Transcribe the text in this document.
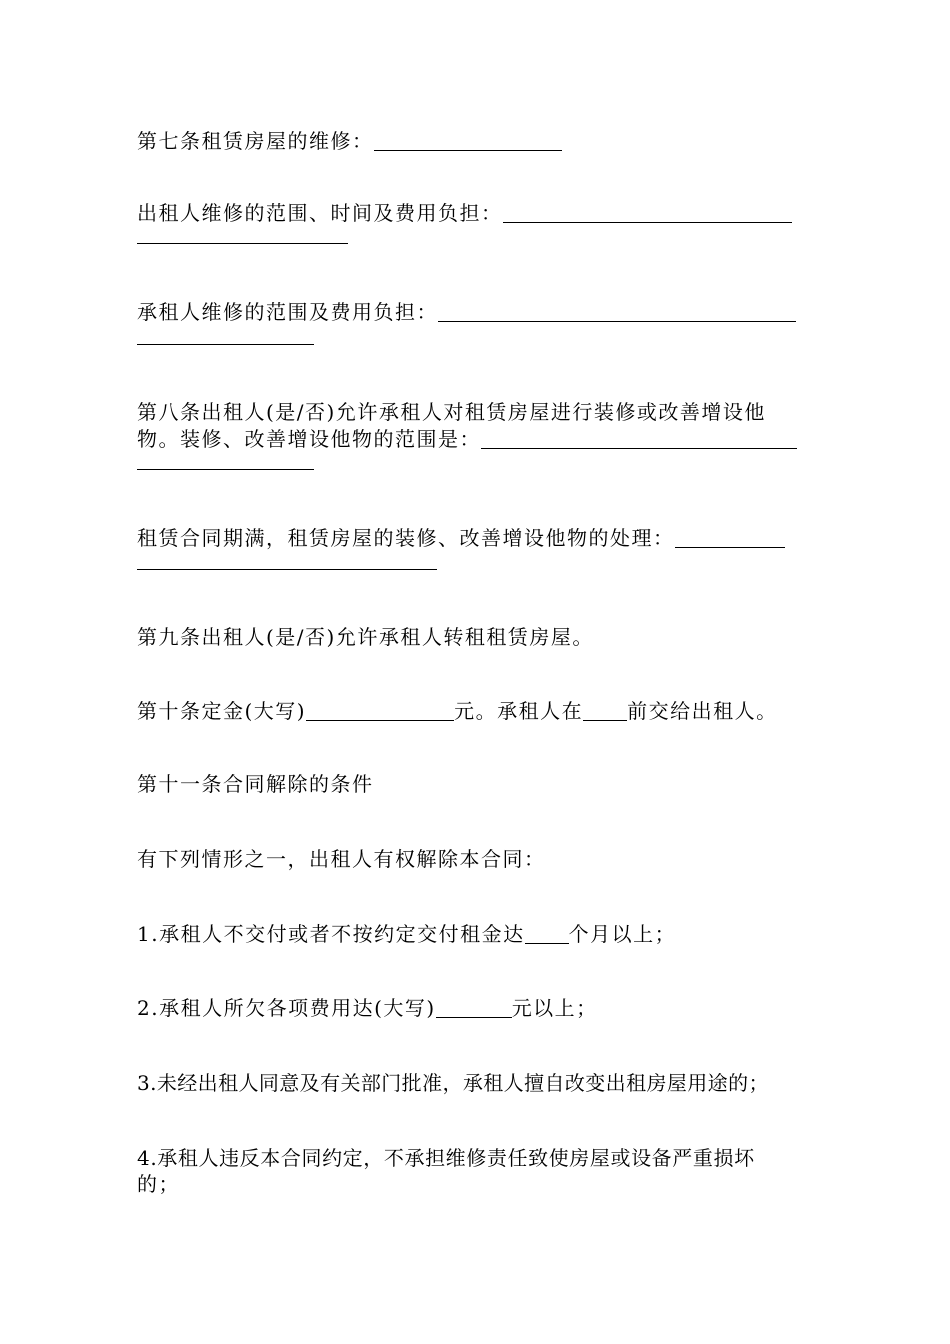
第七条租赁房屋的维修：

出租人维修的范围、时间及费用负担：

承租人维修的范围及费用负担：

第八条出租人(是/否)允许承租人对租赁房屋进行装修或改善增设他

物。装修、改善增设他物的范围是：

租赁合同期满，租赁房屋的装修、改善增设他物的处理：

第九条出租人(是/否)允许承租人转租租赁房屋。

第十条定金(大写)	元。承租人在 前交给出租人。

第十一条合同解除的条件

有下列情形之一，出租人有权解除本合同：

1.承租人不交付或者不按约定交付租金达 个月以上；

2.承租人所欠各项费用达(大写)	元以上；

3.未经出租人同意及有关部门批准，承租人擅自改变出租房屋用途的；

4.承租人违反本合同约定，不承担维修责任致使房屋或设备严重损坏

的；
